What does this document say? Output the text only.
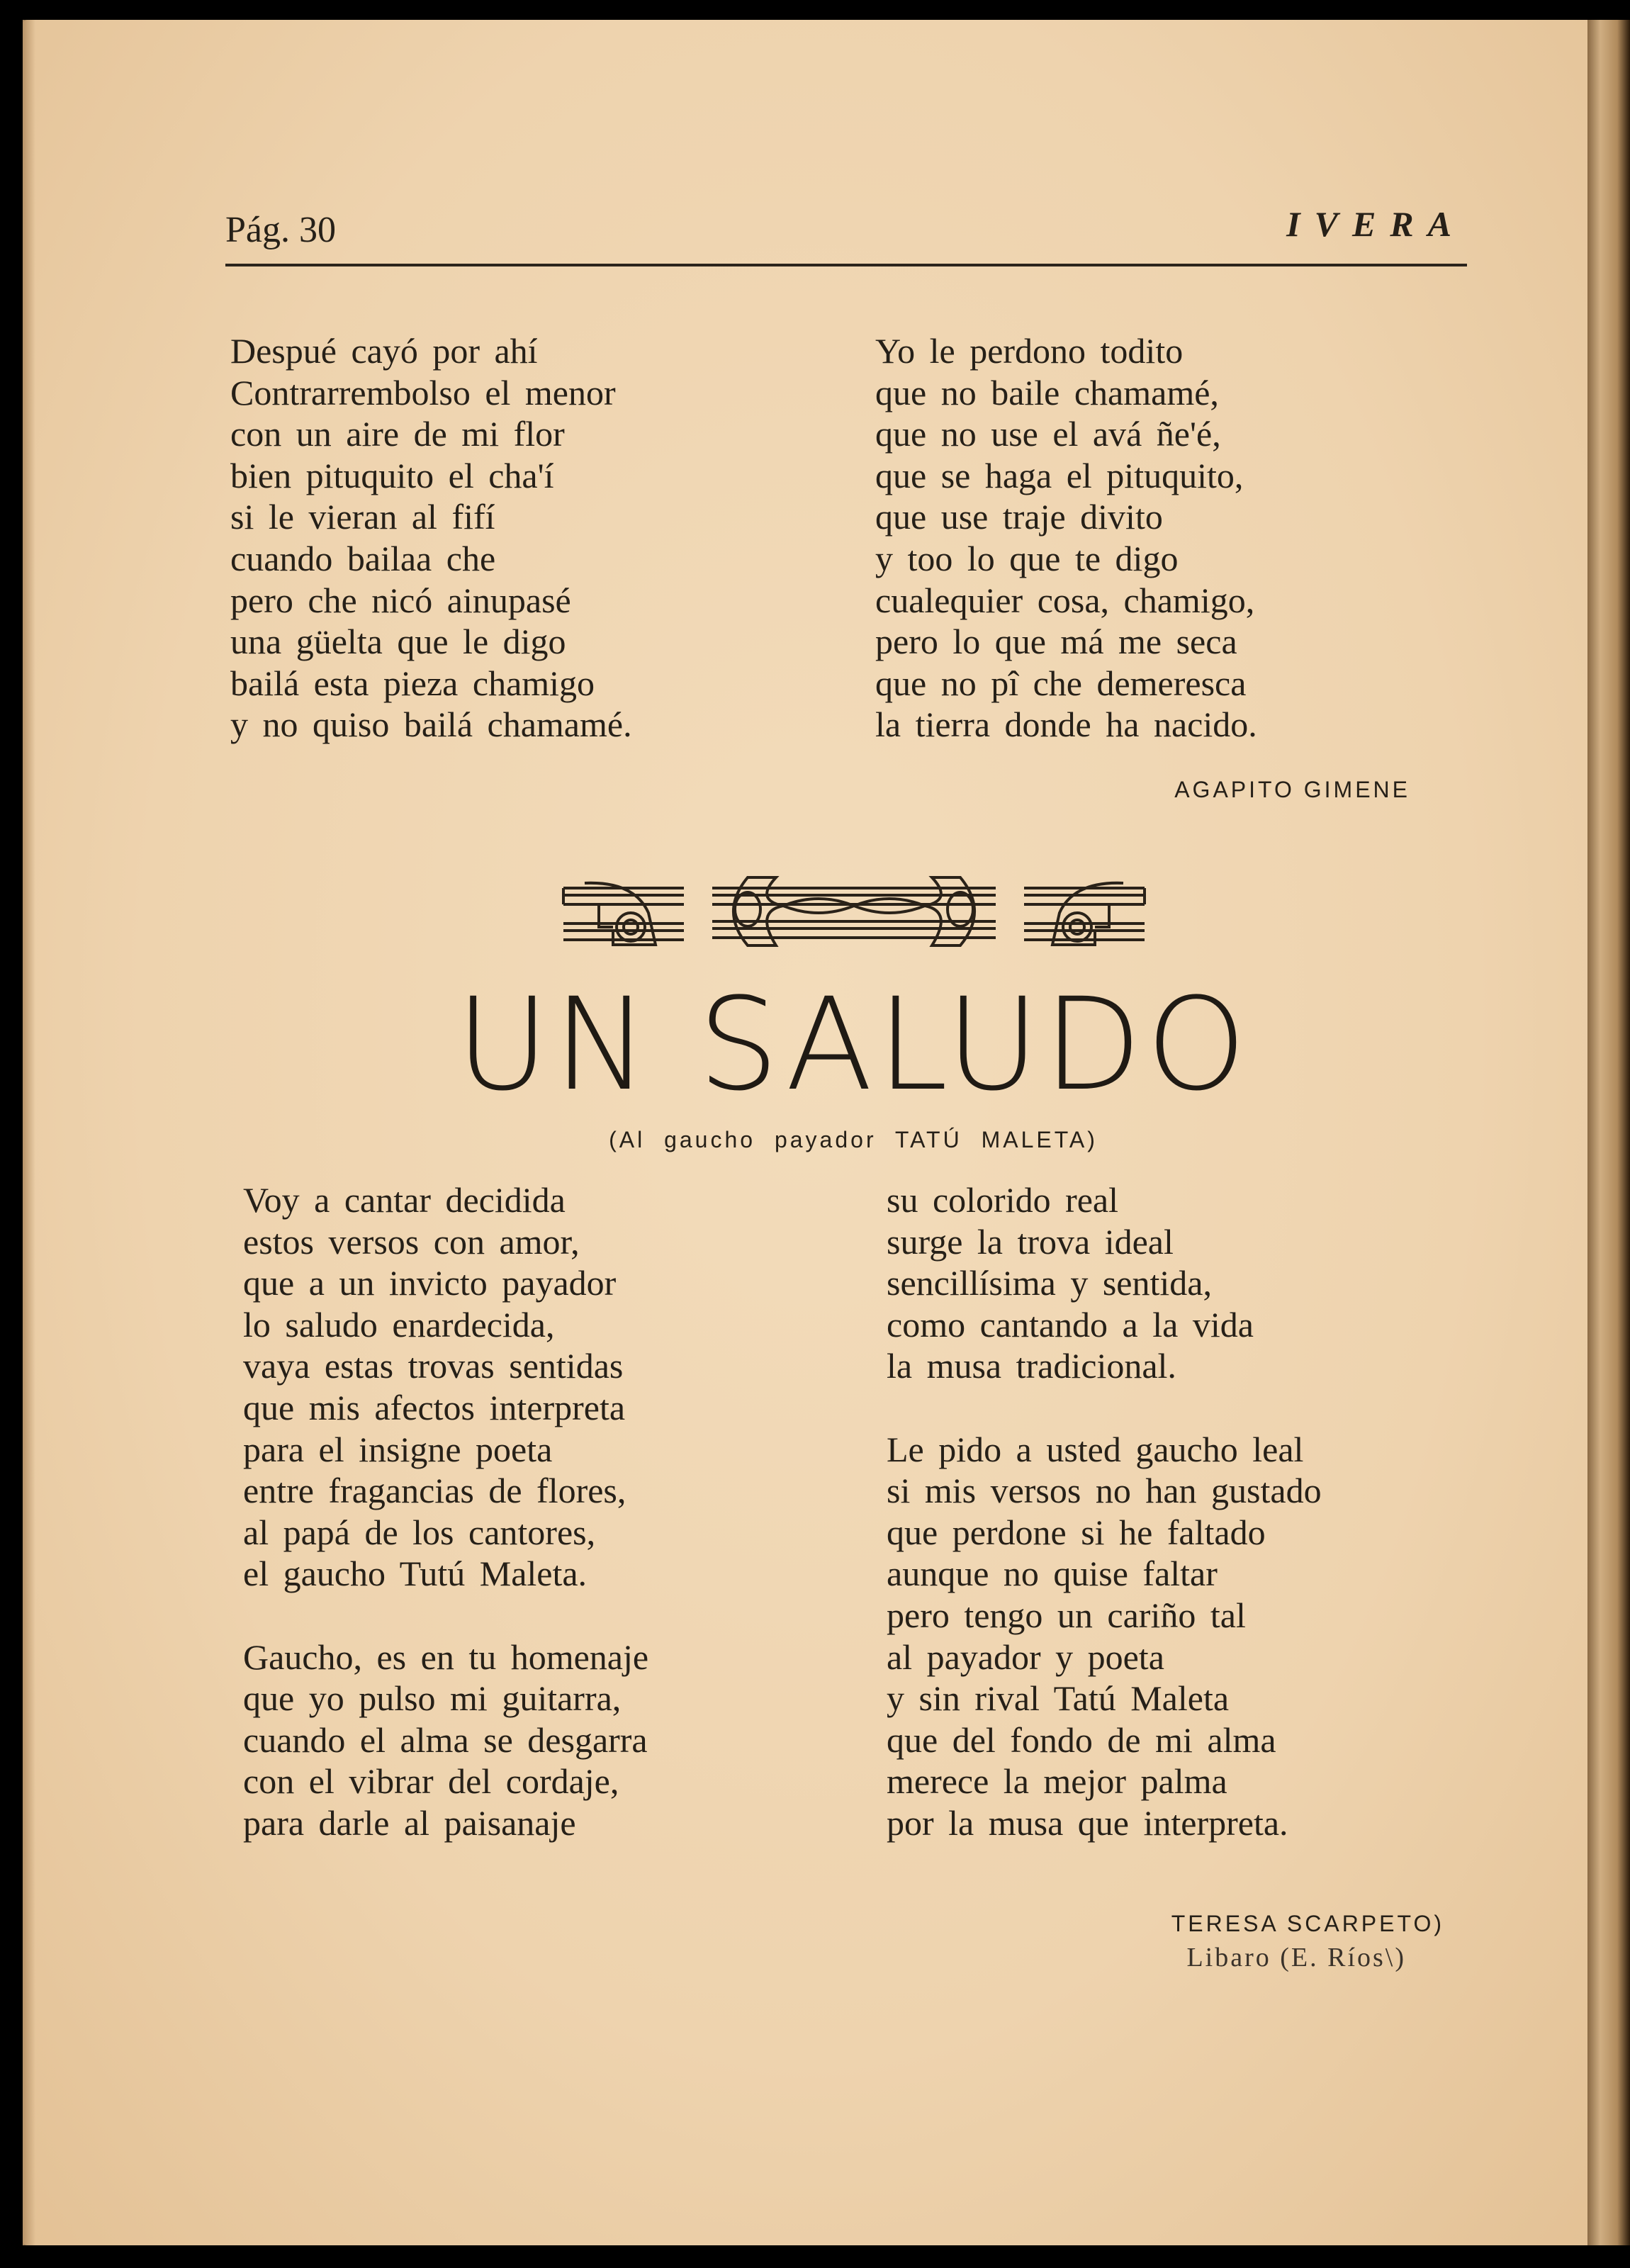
Pág. 30	IVERA
Despué cayó por ahí
Contrarrembolso el menor
con un aire de mi flor
bien pituquito el cha'í
si le vieran al fifí
cuando bailaa che
pero che nicó ainupasé
una güelta que le digo
bailá esta pieza chamigo
y no quiso bailá chamamé.
Yo le perdono todito
que no baile chamamé,
que no use el avá ñe'é,
que se haga el pituquito,
que use traje divito
y too lo que te digo
cualequier cosa, chamigo,
pero lo que má me seca
que no pî che demeresca
la tierra donde ha nacido.
AGAPITO GIMENE
UN SALUDO
(Al gaucho payador TATÚ MALETA)
Voy a cantar decidida
estos versos con amor,
que a un invicto payador
lo saludo enardecida,
vaya estas trovas sentidas
que mis afectos interpreta
para el insigne poeta
entre fragancias de flores,
al papá de los cantores,
el gaucho Tutú Maleta.
Gaucho, es en tu homenaje
que yo pulso mi guitarra,
cuando el alma se desgarra
con el vibrar del cordaje,
para darle al paisanaje
su colorido real
surge la trova ideal
sencillísima y sentida,
como cantando a la vida
la musa tradicional.
Le pido a usted gaucho leal
si mis versos no han gustado
que perdone si he faltado
aunque no quise faltar
pero tengo un cariño tal
al payador y poeta
y sin rival Tatú Maleta
que del fondo de mi alma
merece la mejor palma
por la musa que interpreta.
TERESA SCARPETO)
Libaro (E. Ríos\)
